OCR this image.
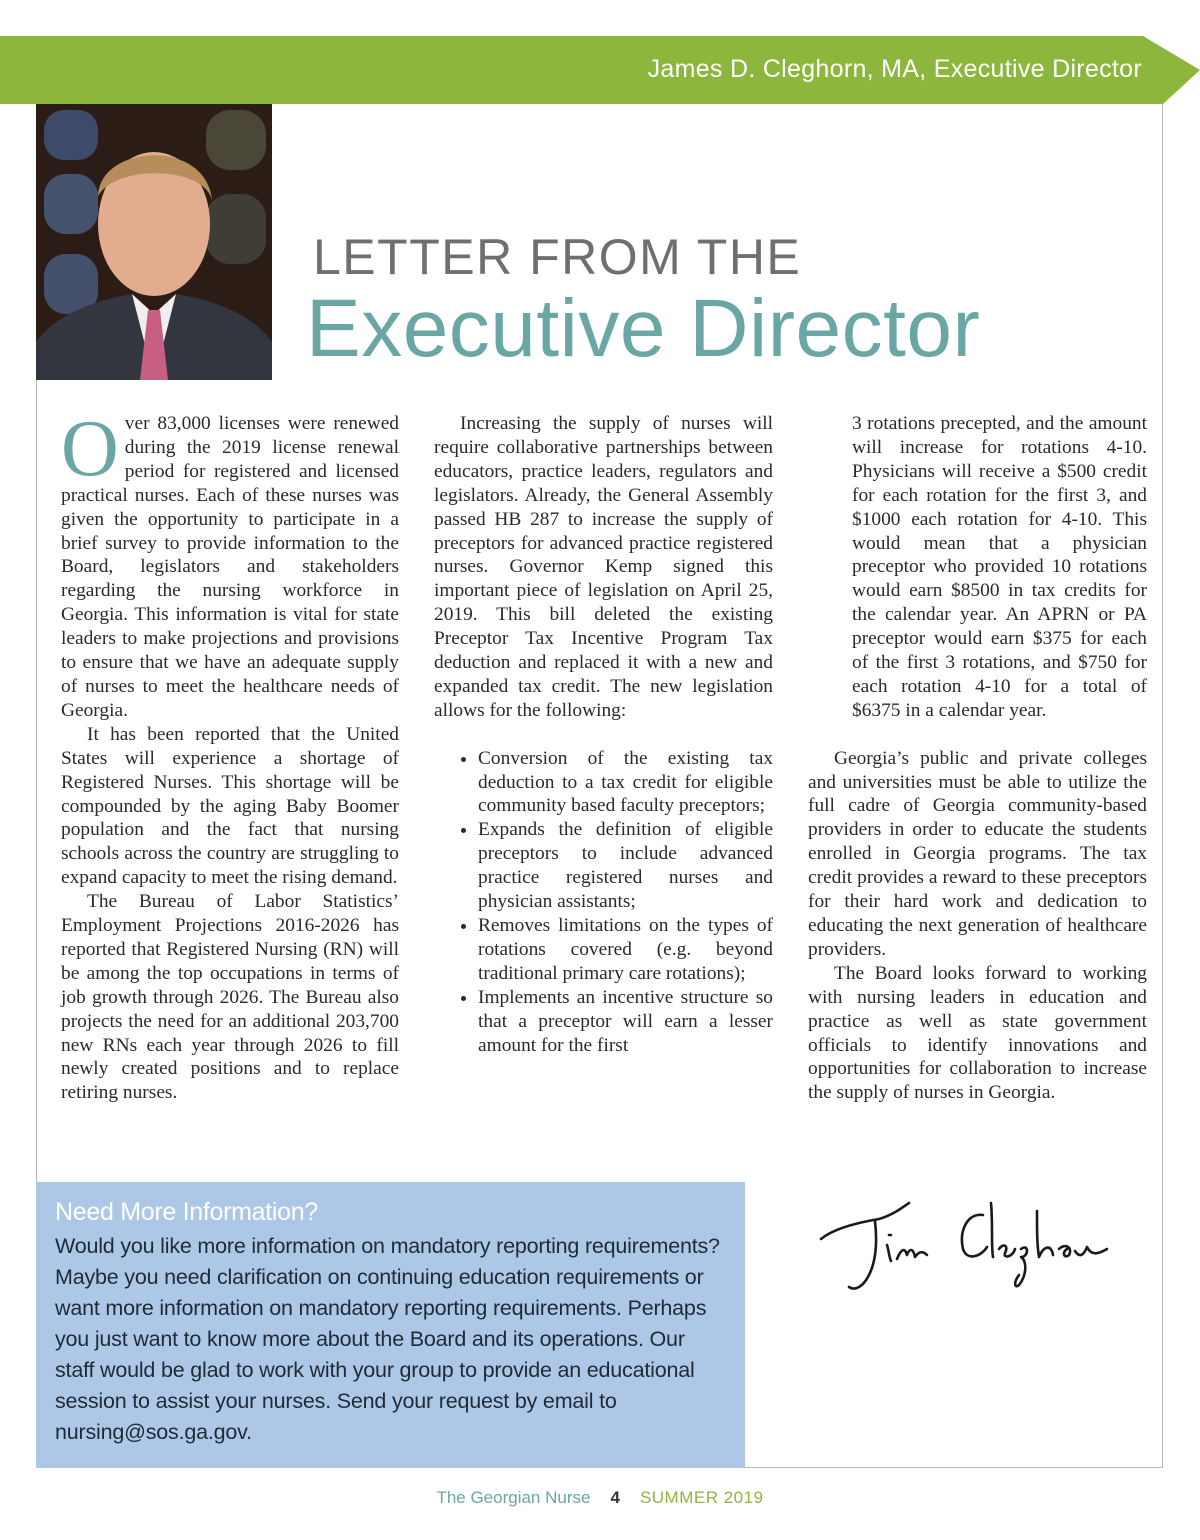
James D. Cleghorn, MA, Executive Director
LETTER FROM THE
Executive Director

Over 83,000 licenses were renewed during the 2019 license renewal period for registered and licensed practical nurses. Each of these nurses was given the opportunity to participate in a brief survey to provide information to the Board, legislators and stakeholders regarding the nursing workforce in Georgia. This information is vital for state leaders to make projections and provisions to ensure that we have an adequate supply of nurses to meet the healthcare needs of Georgia.

It has been reported that the United States will experience a shortage of Registered Nurses. This shortage will be compounded by the aging Baby Boomer population and the fact that nursing schools across the country are struggling to expand capacity to meet the rising demand.

The Bureau of Labor Statistics’ Employment Projections 2016-2026 has reported that Registered Nursing (RN) will be among the top occupations in terms of job growth through 2026. The Bureau also projects the need for an additional 203,700 new RNs each year through 2026 to fill newly created positions and to replace retiring nurses.

Increasing the supply of nurses will require collaborative partnerships between educators, practice leaders, regulators and legislators. Already, the General Assembly passed HB 287 to increase the supply of preceptors for advanced practice registered nurses. Governor Kemp signed this important piece of legislation on April 25, 2019. This bill deleted the existing Preceptor Tax Incentive Program Tax deduction and replaced it with a new and expanded tax credit. The new legislation allows for the following:

• Conversion of the existing tax deduction to a tax credit for eligible community based faculty preceptors;
• Expands the definition of eligible preceptors to include advanced practice registered nurses and physician assistants;
• Removes limitations on the types of rotations covered (e.g. beyond traditional primary care rotations);
• Implements an incentive structure so that a preceptor will earn a lesser amount for the first

3 rotations precepted, and the amount will increase for rotations 4-10. Physicians will receive a $500 credit for each rotation for the first 3, and $1000 each rotation for 4-10. This would mean that a physician preceptor who provided 10 rotations would earn $8500 in tax credits for the calendar year. An APRN or PA preceptor would earn $375 for each of the first 3 rotations, and $750 for each rotation 4-10 for a total of $6375 in a calendar year.

Georgia’s public and private colleges and universities must be able to utilize the full cadre of Georgia community-based providers in order to educate the students enrolled in Georgia programs. The tax credit provides a reward to these preceptors for their hard work and dedication to educating the next generation of healthcare providers.

The Board looks forward to working with nursing leaders in education and practice as well as state government officials to identify innovations and opportunities for collaboration to increase the supply of nurses in Georgia.

Need More Information?

Would you like more information on mandatory reporting requirements? Maybe you need clarification on continuing education requirements or want more information on mandatory reporting requirements. Perhaps you just want to know more about the Board and its operations. Our staff would be glad to work with your group to provide an educational session to assist your nurses. Send your request by email to nursing@sos.ga.gov.

The Georgian Nurse 4 SUMMER 2019
